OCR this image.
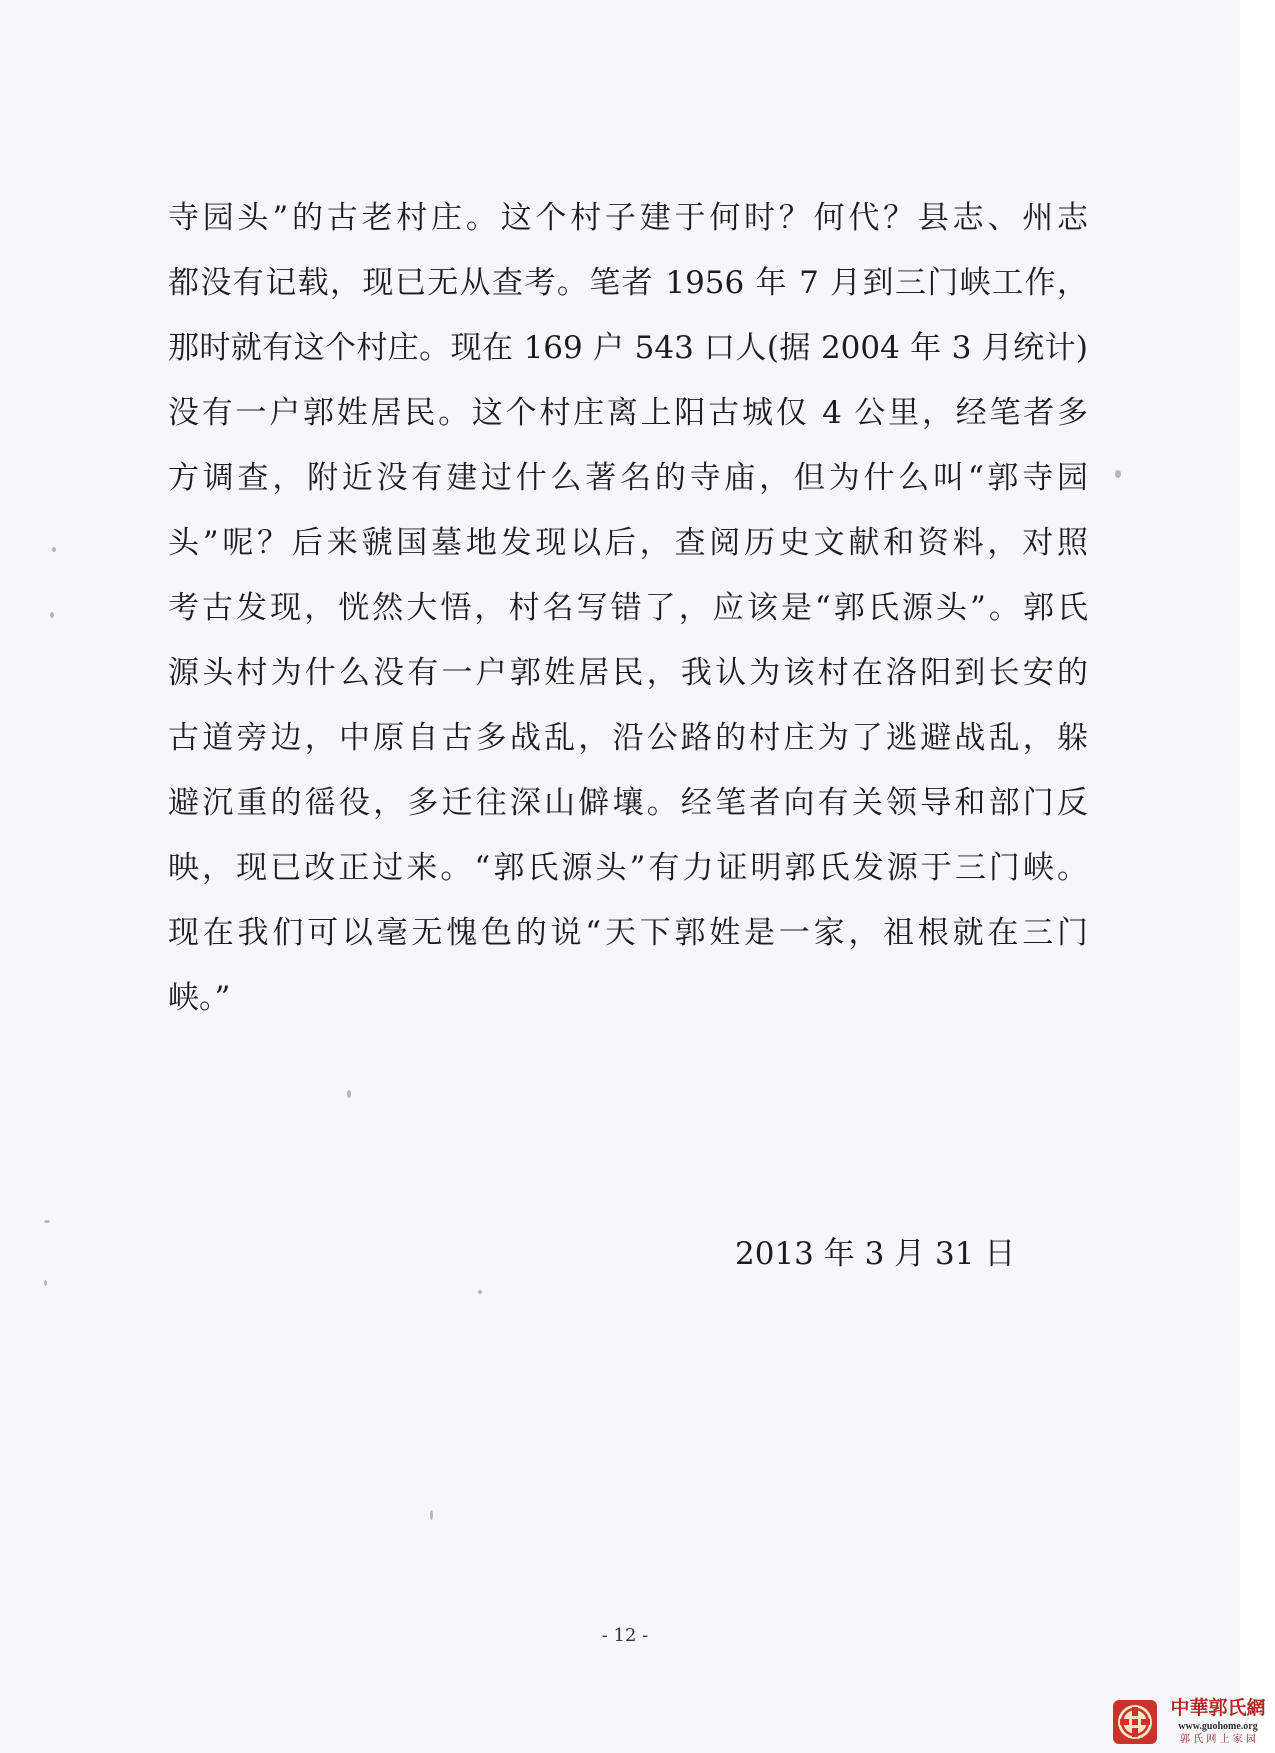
寺园头”的古老村庄。这个村子建于何时？何代？县志、州志
都没有记载，现已无从查考。笔者 1956 年 7 月到三门峡工作，
那时就有这个村庄。现在 169 户 543 口人(据 2004 年 3 月统计)
没有一户郭姓居民。这个村庄离上阳古城仅 4 公里，经笔者多
方调查，附近没有建过什么著名的寺庙，但为什么叫“郭寺园
头”呢？后来虢国墓地发现以后，查阅历史文献和资料，对照
考古发现，恍然大悟，村名写错了，应该是“郭氏源头”。郭氏
源头村为什么没有一户郭姓居民，我认为该村在洛阳到长安的
古道旁边，中原自古多战乱，沿公路的村庄为了逃避战乱，躲
避沉重的徭役，多迁往深山僻壤。经笔者向有关领导和部门反
映，现已改正过来。“郭氏源头”有力证明郭氏发源于三门峡。
现在我们可以毫无愧色的说“天下郭姓是一家，祖根就在三门
峡。”
2013 年 3 月 31 日
- 12 -
中華郭氏網
www.guohome.org
郭 氏 网 上 家 园
